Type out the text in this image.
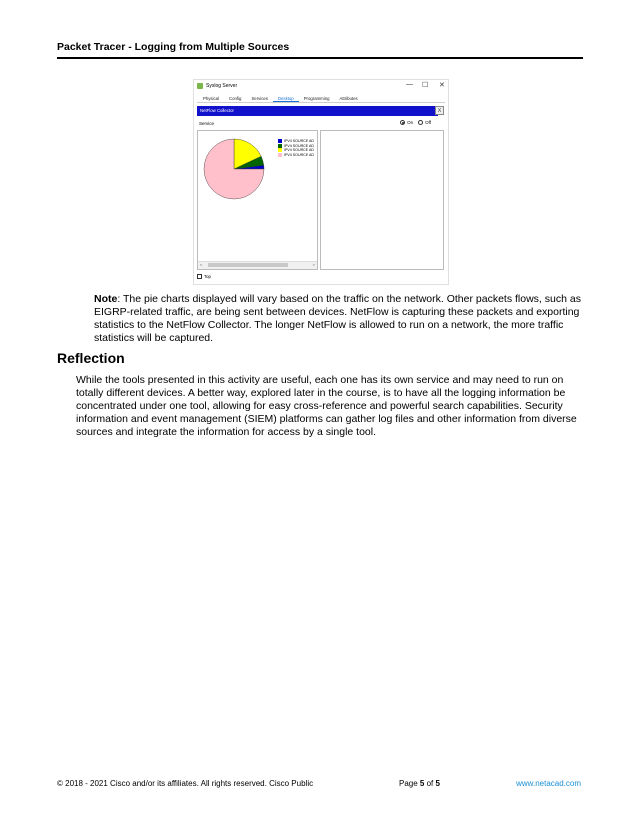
Packet Tracer - Logging from Multiple Sources
Syslog Server	— ☐ ✕
Physical	Config	Services	Desktop	Programming	Attributes
NetFlow Collector	X
Service	On	Off
IPV4 SOURCE AD
IPV4 SOURCE AD
IPV4 SOURCE AD
IPV4 SOURCE AD
<	>
Top
Note: The pie charts displayed will vary based on the traffic on the network. Other packets flows, such as EIGRP-related traffic, are being sent between devices. NetFlow is capturing these packets and exporting statistics to the NetFlow Collector. The longer NetFlow is allowed to run on a network, the more traffic statistics will be captured.
Reflection
While the tools presented in this activity are useful, each one has its own service and may need to run on totally different devices. A better way, explored later in the course, is to have all the logging information be concentrated under one tool, allowing for easy cross-reference and powerful search capabilities. Security information and event management (SIEM) platforms can gather log files and other information from diverse sources and integrate the information for access by a single tool.
© 2018 - 2021 Cisco and/or its affiliates. All rights reserved. Cisco Public	Page 5 of 5	www.netacad.com
